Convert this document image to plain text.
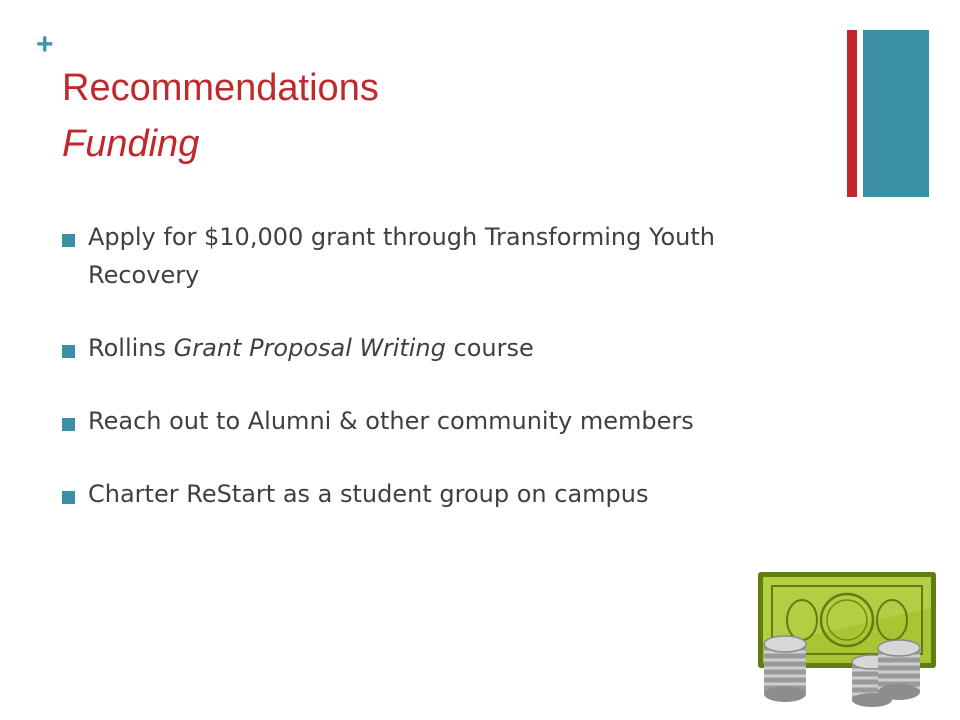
+
Recommendations
Funding
Apply for $10,000 grant through Transforming Youth Recovery
Rollins Grant Proposal Writing course
Reach out to Alumni & other community members
Charter ReStart as a student group on campus
